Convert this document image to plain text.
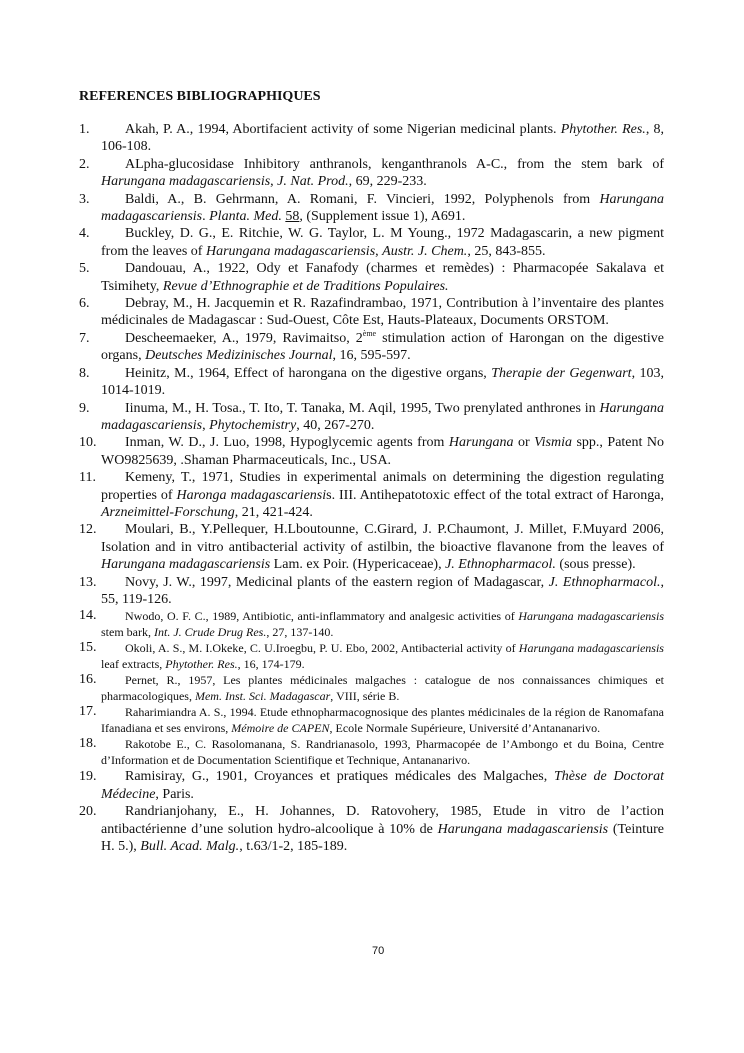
REFERENCES BIBLIOGRAPHIQUES
1.	Akah, P. A., 1994, Abortifacient activity of some Nigerian medicinal plants. Phytother. Res., 8, 106-108.
2.	ALpha-glucosidase Inhibitory anthranols, kenganthranols A-C., from the stem bark of Harungana madagascariensis, J. Nat. Prod., 69, 229-233.
3.	Baldi, A., B. Gehrmann, A. Romani, F. Vincieri, 1992, Polyphenols from Harungana madagascariensis. Planta. Med. 58, (Supplement issue 1), A691.
4.	Buckley, D. G., E. Ritchie, W. G. Taylor, L. M Young., 1972 Madagascarin, a new pigment from the leaves of Harungana madagascariensis, Austr. J. Chem., 25, 843-855.
5.	Dandouau, A., 1922, Ody et Fanafody (charmes et remèdes) : Pharmacopée Sakalava et Tsimihety, Revue d’Ethnographie et de Traditions Populaires.
6.	Debray, M., H. Jacquemin et R. Razafindrambao, 1971, Contribution à l’inventaire des plantes médicinales de Madagascar : Sud-Ouest, Côte Est, Hauts-Plateaux, Documents ORSTOM.
7.	Descheemaeker, A., 1979, Ravimaitso, 2ème stimulation action of Harongan on the digestive organs, Deutsches Medizinisches Journal, 16, 595-597.
8.	Heinitz, M., 1964, Effect of harongana on the digestive organs, Therapie der Gegenwart, 103, 1014-1019.
9.	Iinuma, M., H. Tosa., T. Ito, T. Tanaka, M. Aqil, 1995, Two prenylated anthrones in Harungana madagascariensis, Phytochemistry, 40, 267-270.
10. Inman, W. D., J. Luo, 1998, Hypoglycemic agents from Harungana or Vismia spp., Patent No WO9825639, .Shaman Pharmaceuticals, Inc., USA.
11. Kemeny, T., 1971, Studies in experimental animals on determining the digestion regulating properties of Haronga madagascariensis. III. Antihepatotoxic effect of the total extract of Haronga, Arzneimittel-Forschung, 21, 421-424.
12. Moulari, B., Y.Pellequer, H.Lboutounne, C.Girard, J. P.Chaumont, J. Millet, F.Muyard 2006, Isolation and in vitro antibacterial activity of astilbin, the bioactive flavanone from the leaves of Harungana madagascariensis Lam. ex Poir. (Hypericaceae), J. Ethnopharmacol. (sous presse).
13. Novy, J. W., 1997, Medicinal plants of the eastern region of Madagascar, J. Ethnopharmacol., 55, 119-126.
14. Nwodo, O. F. C., 1989, Antibiotic, anti-inflammatory and analgesic activities of Harungana madagascariensis stem bark, Int. J. Crude Drug Res., 27, 137-140.
15. Okoli, A. S., M. I.Okeke, C. U.Iroegbu, P. U. Ebo, 2002, Antibacterial activity of Harungana madagascariensis leaf extracts, Phytother. Res., 16, 174-179.
16. Pernet, R., 1957, Les plantes médicinales malgaches : catalogue de nos connaissances chimiques et pharmacologiques, Mem. Inst. Sci. Madagascar, VIII, série B.
17. Raharimiandra A. S., 1994. Etude ethnopharmacognosique des plantes médicinales de la région de Ranomafana Ifanadiana et ses environs, Mémoire de CAPEN, Ecole Normale Supérieure, Université d’Antananarivo.
18. Rakotobe E., C. Rasolomanana, S. Randrianasolo, 1993, Pharmacopée de l’Ambongo et du Boina, Centre d’Information et de Documentation Scientifique et Technique, Antananarivo.
19. Ramisiray, G., 1901, Croyances et pratiques médicales des Malgaches, Thèse de Doctorat Médecine, Paris.
20. Randrianjohany, E., H. Johannes, D. Ratovohery, 1985, Etude in vitro de l’action antibactérienne d’une solution hydro-alcoolique à 10% de Harungana madagascariensis (Teinture H. 5.), Bull. Acad. Malg., t.63/1-2, 185-189.
70
